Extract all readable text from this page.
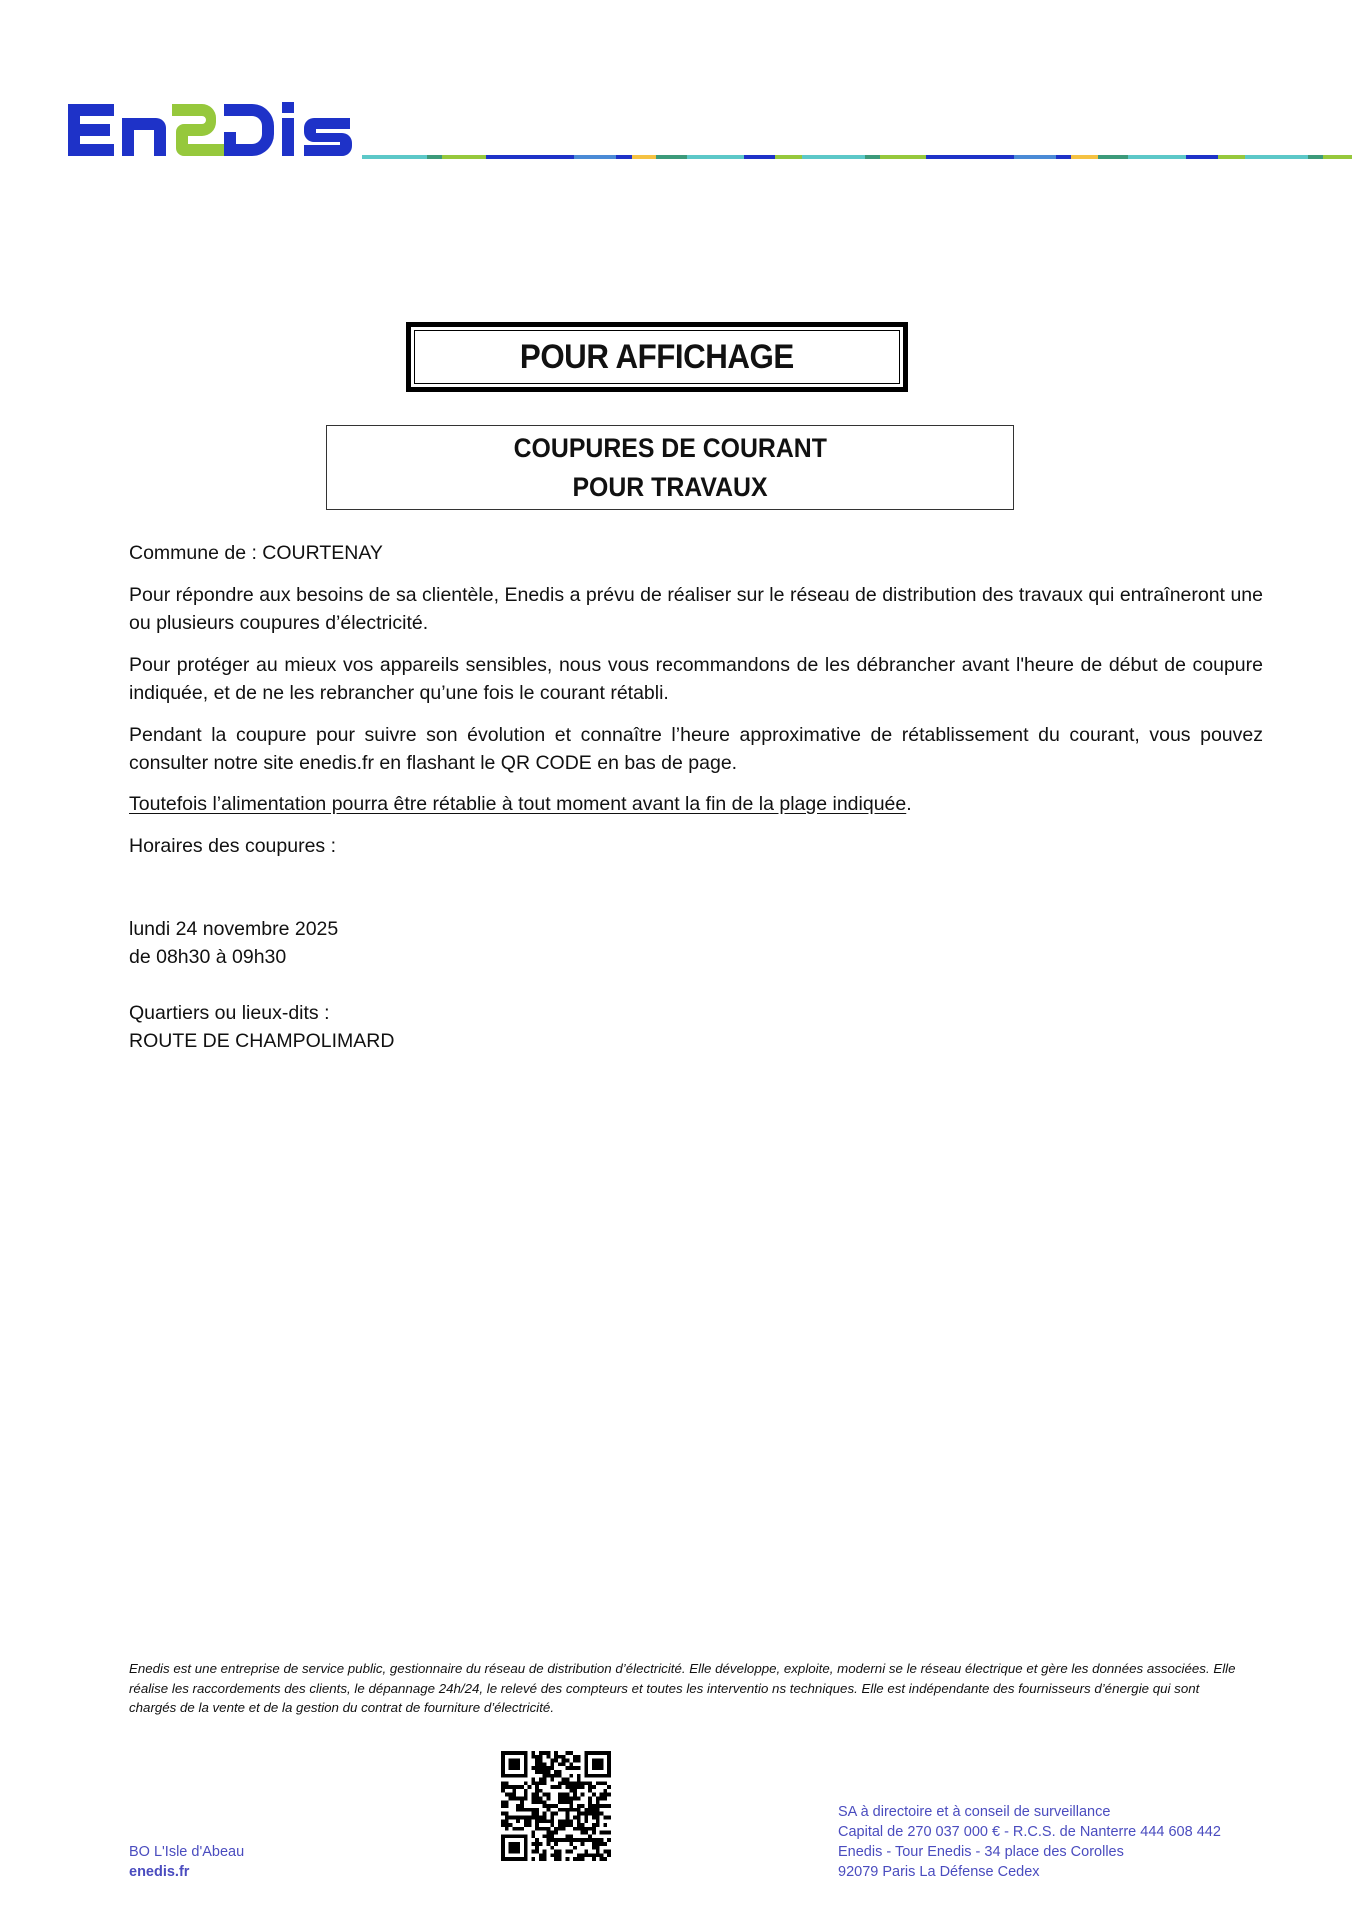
POUR AFFICHAGE
COUPURES DE COURANT
POUR TRAVAUX
Commune de : COURTENAY
Pour répondre aux besoins de sa clientèle, Enedis a prévu de réaliser sur le réseau de distribution des travaux qui entraîneront une ou plusieurs coupures d’électricité.
Pour protéger au mieux vos appareils sensibles, nous vous recommandons de les débrancher avant l'heure de début de coupure indiquée, et de ne les rebrancher qu’une fois le courant rétabli.
Pendant la coupure pour suivre son évolution et connaître l’heure approximative de rétablissement du courant, vous pouvez consulter notre site enedis.fr en flashant le QR CODE en bas de page.
Toutefois l’alimentation pourra être rétablie à tout moment avant la fin de la plage indiquée.
Horaires des coupures :
lundi 24 novembre 2025
de 08h30 à 09h30
Quartiers ou lieux-dits :
ROUTE DE CHAMPOLIMARD
Enedis est une entreprise de service public, gestionnaire du réseau de distribution d’électricité. Elle développe, exploite, moderni se le réseau électrique et gère les données associées. Elle réalise les raccordements des clients, le dépannage 24h/24, le relevé des compteurs et toutes les interventio ns techniques. Elle est indépendante des fournisseurs d’énergie qui sont chargés de la vente et de la gestion du contrat de fourniture d’électricité.
BO L'Isle d'Abeau
enedis.fr
SA à directoire et à conseil de surveillance
Capital de 270 037 000 € - R.C.S. de Nanterre 444 608 442
Enedis - Tour Enedis - 34 place des Corolles
92079 Paris La Défense Cedex
